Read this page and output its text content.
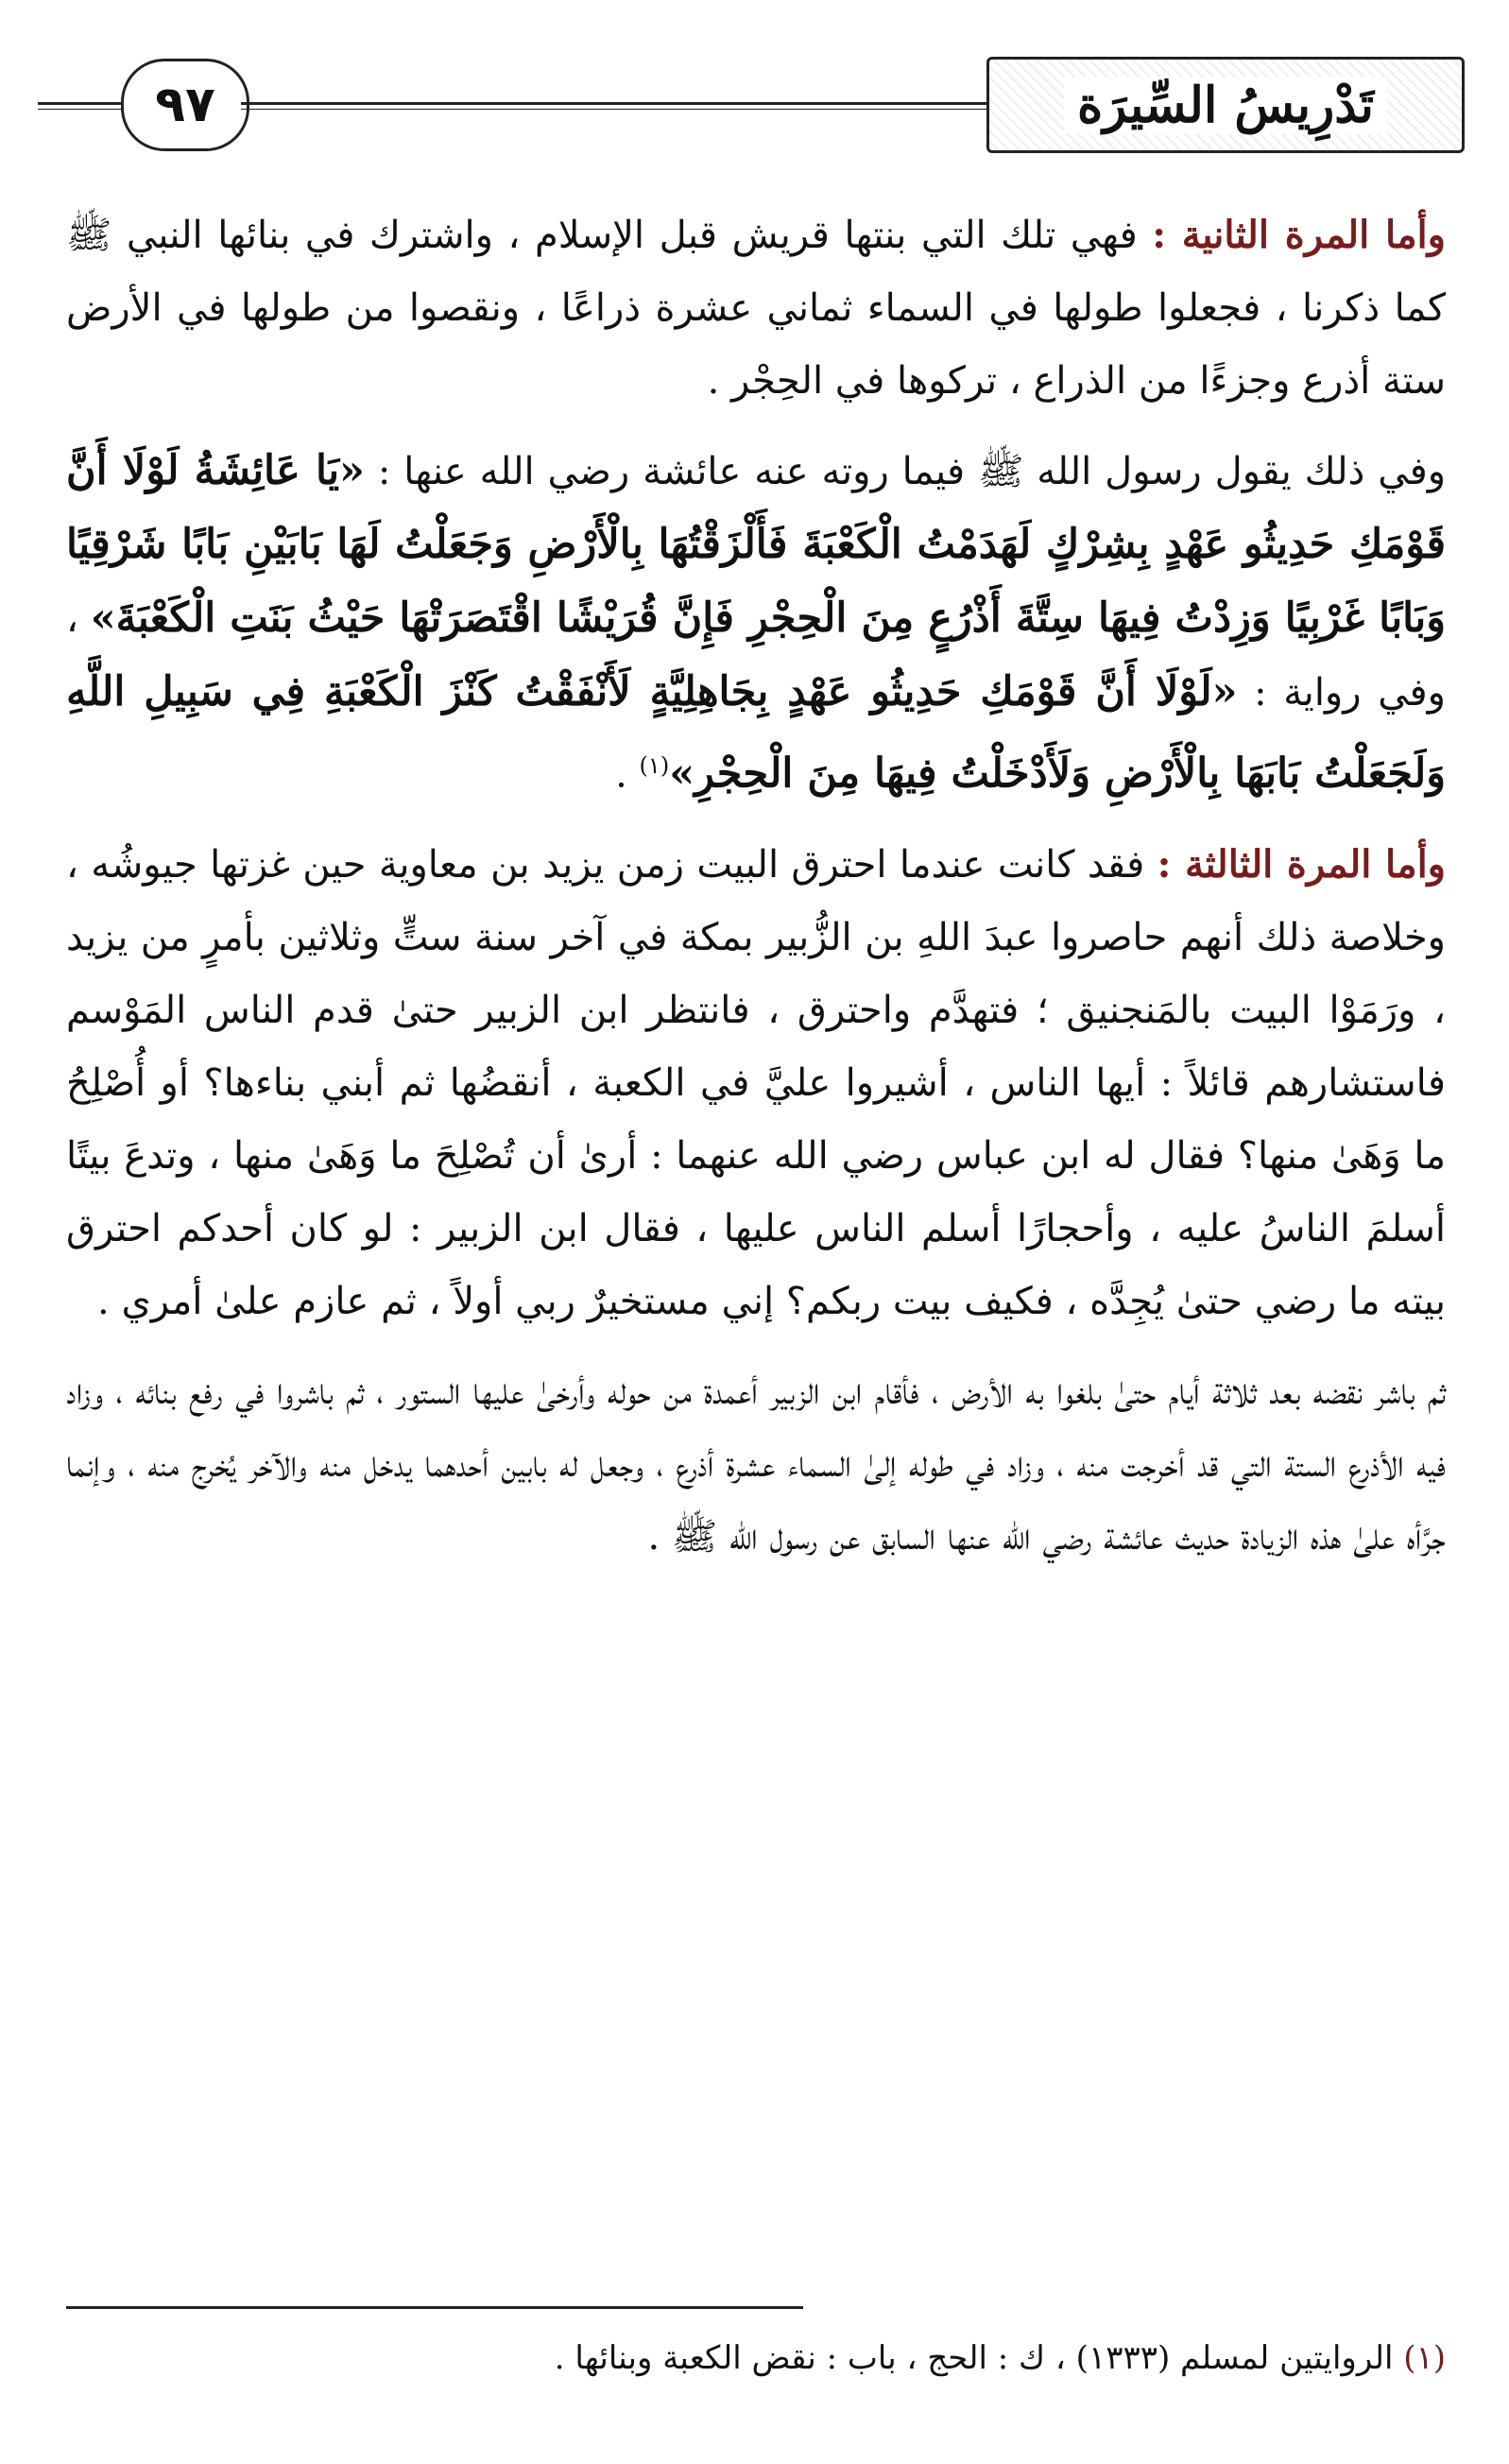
٩٧	تَدْرِيسُ السِّيرَة

وأما المرة الثانية : فهي تلك التي بنتها قريش قبل الإسلام ، واشترك في بنائها النبي ﷺ كما ذكرنا ، فجعلوا طولها في السماء ثماني عشرة ذراعًا ، ونقصوا من طولها في الأرض ستة أذرع وجزءًا من الذراع ، تركوها في الحِجْر .

وفي ذلك يقول رسول الله ﷺ فيما روته عنه عائشة رضي الله عنها : «يَا عَائِشَةُ لَوْلَا أَنَّ قَوْمَكِ حَدِيثُو عَهْدٍ بِشِرْكٍ لَهَدَمْتُ الْكَعْبَةَ فَأَلْزَقْتُهَا بِالْأَرْضِ وَجَعَلْتُ لَهَا بَابَيْنِ بَابًا شَرْقِيًا وَبَابًا غَرْبِيًا وَزِدْتُ فِيهَا سِتَّةَ أَذْرُعٍ مِنَ الْحِجْرِ فَإِنَّ قُرَيْشًا اقْتَصَرَتْهَا حَيْثُ بَنَتِ الْكَعْبَةَ» ، وفي رواية : «لَوْلَا أَنَّ قَوْمَكِ حَدِيثُو عَهْدٍ بِجَاهِلِيَّةٍ لَأَنْفَقْتُ كَنْزَ الْكَعْبَةِ فِي سَبِيلِ اللَّهِ وَلَجَعَلْتُ بَابَهَا بِالْأَرْضِ وَلَأَدْخَلْتُ فِيهَا مِنَ الْحِجْرِ»$^{(١)}$ .

وأما المرة الثالثة : فقد كانت عندما احترق البيت زمن يزيد بن معاوية حين غزتها جيوشُه ، وخلاصة ذلك أنهم حاصروا عبدَ اللهِ بن الزُّبير بمكة في آخر سنة ستٍّ وثلاثين بأمرٍ من يزيد ، ورَمَوْا البيت بالمَنجنيق ؛ فتهدَّم واحترق ، فانتظر ابن الزبير حتىٰ قدم الناس المَوْسم فاستشارهم قائلاً : أيها الناس ، أشيروا عليَّ في الكعبة ، أنقضُها ثم أبني بناءها؟ أو أُصْلِحُ ما وَهَىٰ منها؟ فقال له ابن عباس رضي الله عنهما : أرىٰ أن تُصْلِحَ ما وَهَىٰ منها ، وتدعَ بيتًا أسلمَ الناسُ عليه ، وأحجارًا أسلم الناس عليها ، فقال ابن الزبير : لو كان أحدكم احترق بيته ما رضي حتىٰ يُجِدَّه ، فكيف بيت ربكم؟ إني مستخيرٌ ربي أولاً ، ثم عازم علىٰ أمري .

ثم باشر نقضه بعد ثلاثة أيام حتىٰ بلغوا به الأرض ، فأقام ابن الزبير أعمدة من حوله وأرخىٰ عليها الستور ، ثم باشروا في رفع بنائه ، وزاد فيه الأذرع الستة التي قد أخرجت منه ، وزاد في طوله إلىٰ السماء عشرة أذرع ، وجعل له بابين أحدهما يدخل منه والآخر يُخرج منه ، وإنما جرَّأه علىٰ هذه الزيادة حديث عائشة رضي الله عنها السابق عن رسول الله ﷺ .

(١) الروايتين لمسلم (١٣٣٣) ، ك : الحج ، باب : نقض الكعبة وبنائها .
